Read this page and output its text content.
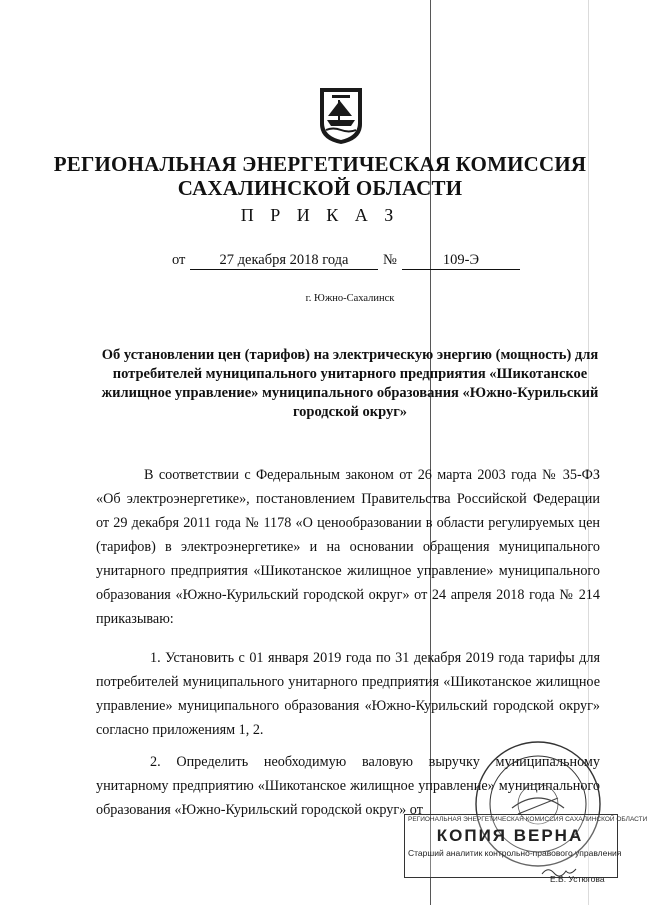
РЕГИОНАЛЬНАЯ ЭНЕРГЕТИЧЕСКАЯ КОМИССИЯ
САХАЛИНСКОЙ ОБЛАСТИ
П Р И К А З
от	27 декабря 2018 года	№	109-Э
г. Южно-Сахалинск
Об установлении цен (тарифов) на электрическую энергию (мощность) для потребителей муниципального унитарного предприятия «Шикотанское жилищное управление» муниципального образования «Южно-Курильский городской округ»
В соответствии с Федеральным законом от 26 марта 2003 года № 35-ФЗ «Об электроэнергетике», постановлением Правительства Российской Федерации от 29 декабря 2011 года № 1178 «О ценообразовании в области регулируемых цен (тарифов) в электроэнергетике» и на основании обращения муниципального унитарного предприятия «Шикотанское жилищное управление» муниципального образования «Южно-Курильский городской округ» от 24 апреля 2018 года № 214 приказываю:
1. Установить с 01 января 2019 года по 31 декабря 2019 года тарифы для потребителей муниципального унитарного предприятия «Шикотанское жилищное управление» муниципального образования «Южно-Курильский городской округ» согласно приложениям 1, 2.
2. Определить необходимую валовую выручку муниципальному унитарному предприятию «Шикотанское жилищное управление» муниципального образования «Южно-Курильский городской округ» от
РЕГИОНАЛЬНАЯ ЭНЕРГЕТИЧЕСКАЯ КОМИССИЯ САХАЛИНСКОЙ ОБЛАСТИ
КОПИЯ ВЕРНА
Старший аналитик контрольно-правового управления
Е.В. Устюгова
